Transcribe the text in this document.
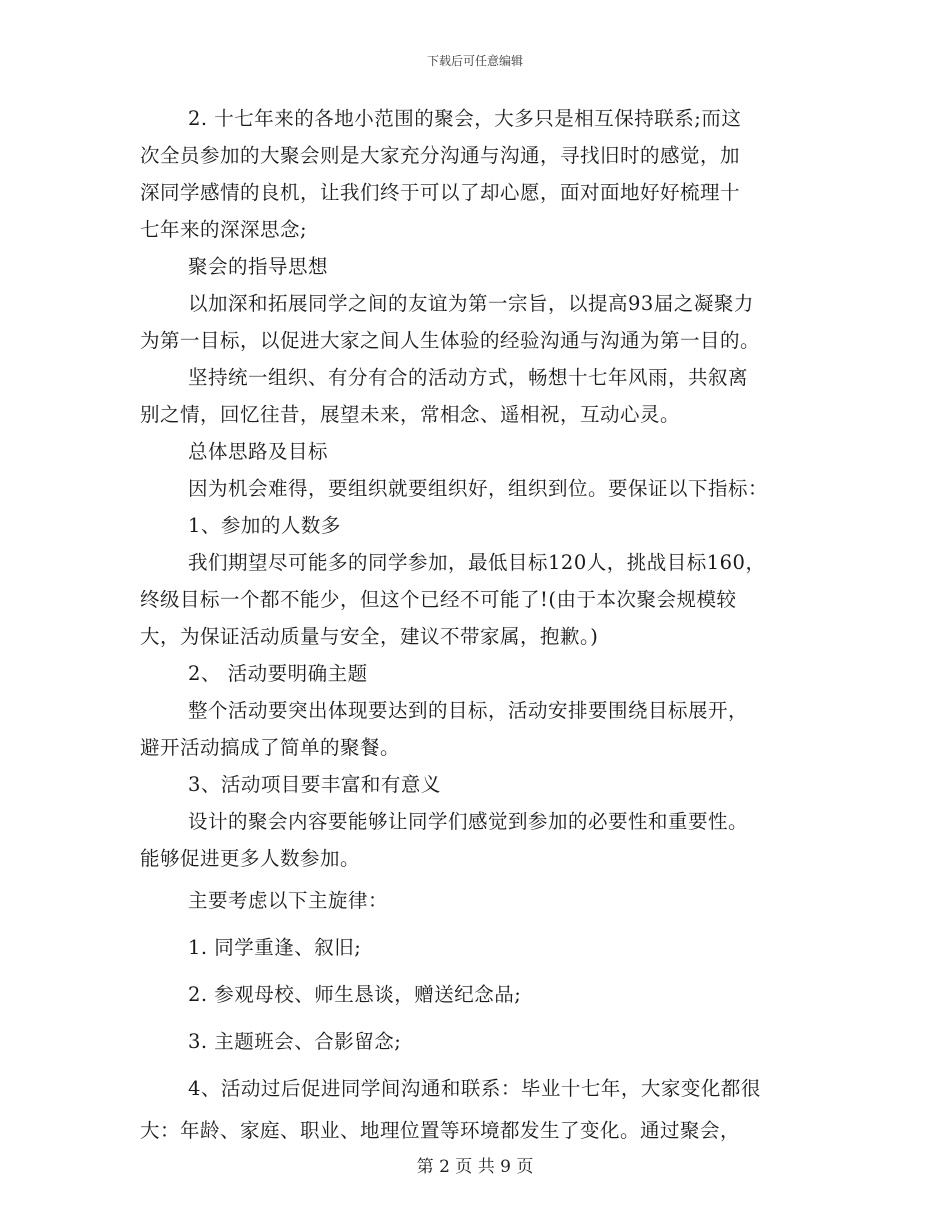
下载后可任意编辑
2. 十七年来的各地小范围的聚会，大多只是相互保持联系;而这
次全员参加的大聚会则是大家充分沟通与沟通，寻找旧时的感觉，加
深同学感情的良机，让我们终于可以了却心愿，面对面地好好梳理十
七年来的深深思念;
聚会的指导思想
以加深和拓展同学之间的友谊为第一宗旨，以提高93届之凝聚力
为第一目标，以促进大家之间人生体验的经验沟通与沟通为第一目的。
坚持统一组织、有分有合的活动方式，畅想十七年风雨，共叙离
别之情，回忆往昔，展望未来，常相念、遥相祝，互动心灵。
总体思路及目标
因为机会难得，要组织就要组织好，组织到位。要保证以下指标：
1、参加的人数多
我们期望尽可能多的同学参加，最低目标120人，挑战目标160，
终级目标一个都不能少，但这个已经不可能了!(由于本次聚会规模较
大，为保证活动质量与安全，建议不带家属，抱歉。)
2、 活动要明确主题
整个活动要突出体现要达到的目标，活动安排要围绕目标展开，
避开活动搞成了简单的聚餐。
3、活动项目要丰富和有意义
设计的聚会内容要能够让同学们感觉到参加的必要性和重要性。
能够促进更多人数参加。
主要考虑以下主旋律：
1. 同学重逢、叙旧;
2. 参观母校、师生恳谈，赠送纪念品;
3. 主题班会、合影留念;
4、活动过后促进同学间沟通和联系：毕业十七年，大家变化都很
大：年龄、家庭、职业、地理位置等环境都发生了变化。通过聚会，
第 2 页 共 9 页
